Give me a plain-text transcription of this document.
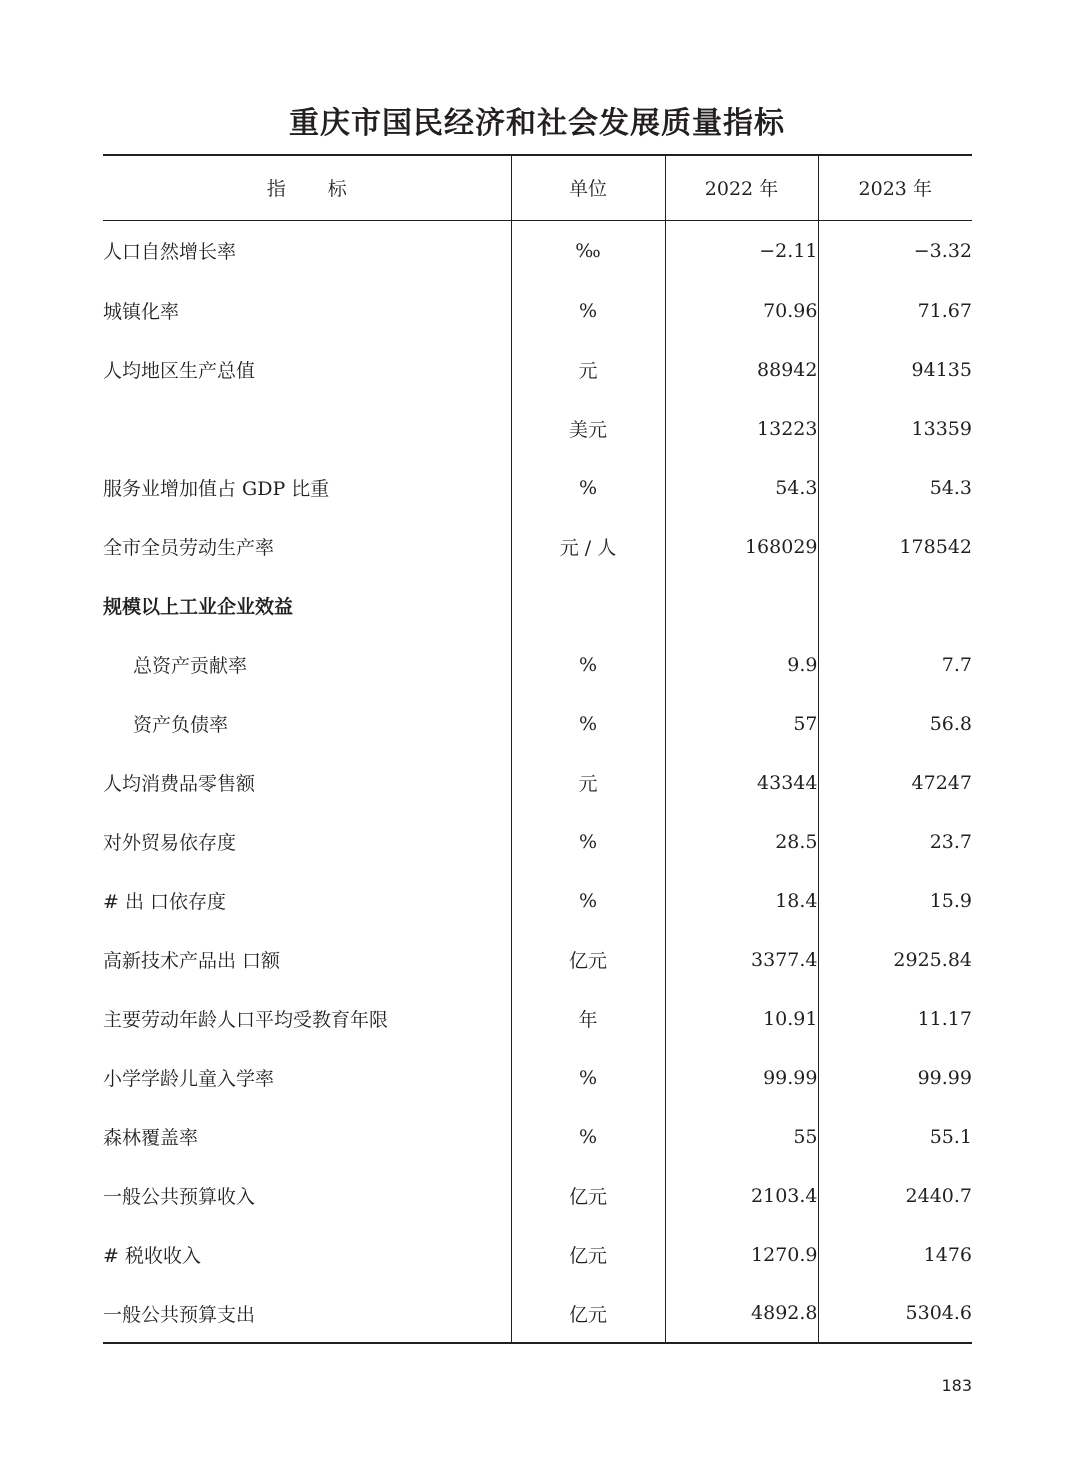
重庆市国民经济和社会发展质量指标
指标	单位	2022 年	2023 年
人口自然增长率	‰	−2.11	−3.32
城镇化率	%	70.96	71.67
人均地区生产总值	元	88942	94135
	美元	13223	13359
服务业增加值占 GDP 比重	%	54.3	54.3
全市全员劳动生产率	元 / 人	168029	178542
规模以上工业企业效益			
总资产贡献率	%	9.9	7.7
资产负债率	%	57	56.8
人均消费品零售额	元	43344	47247
对外贸易依存度	%	28.5	23.7
# 出 口依存度	%	18.4	15.9
高新技术产品出 口额	亿元	3377.4	2925.84
主要劳动年龄人口平均受教育年限	年	10.91	11.17
小学学龄儿童入学率	%	99.99	99.99
森林覆盖率	%	55	55.1
一般公共预算收入	亿元	2103.4	2440.7
# 税收收入	亿元	1270.9	1476
一般公共预算支出	亿元	4892.8	5304.6
183
